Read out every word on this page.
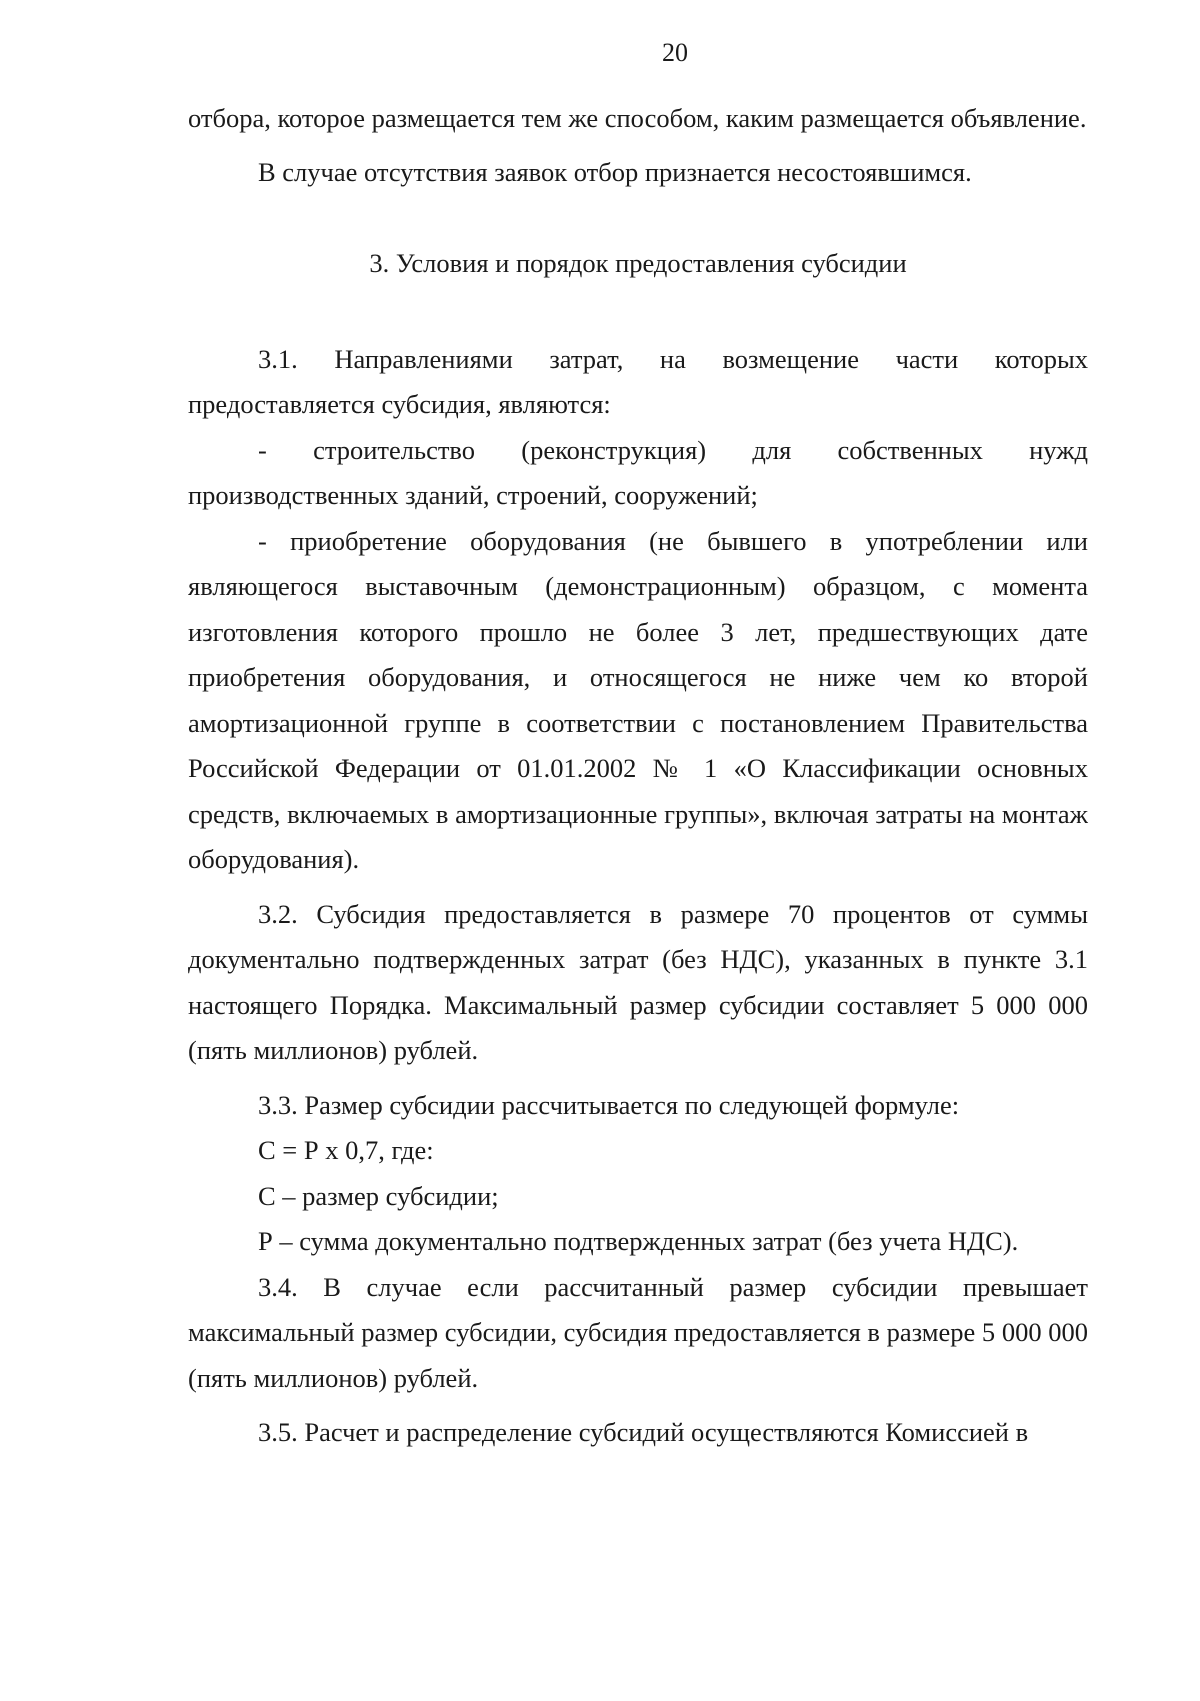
20

отбора, которое размещается тем же способом, каким размещается объявление.

В случае отсутствия заявок отбор признается несостоявшимся.

3. Условия и порядок предоставления субсидии

3.1. Направлениями затрат, на возмещение части которых предоставляется субсидия, являются:

- строительство (реконструкция) для собственных нужд производственных зданий, строений, сооружений;

- приобретение оборудования (не бывшего в употреблении или являющегося выставочным (демонстрационным) образцом, с момента изготовления которого прошло не более 3 лет, предшествующих дате приобретения оборудования, и относящегося не ниже чем ко второй амортизационной группе в соответствии с постановлением Правительства Российской Федерации от 01.01.2002 № 1 «О Классификации основных средств, включаемых в амортизационные группы», включая затраты на монтаж оборудования).

3.2. Субсидия предоставляется в размере 70 процентов от суммы документально подтвержденных затрат (без НДС), указанных в пункте 3.1 настоящего Порядка. Максимальный размер субсидии составляет 5 000 000 (пять миллионов) рублей.

3.3. Размер субсидии рассчитывается по следующей формуле:

С = Р х 0,7, где:

С – размер субсидии;

Р – сумма документально подтвержденных затрат (без учета НДС).

3.4. В случае если рассчитанный размер субсидии превышает максимальный размер субсидии, субсидия предоставляется в размере 5 000 000 (пять миллионов) рублей.

3.5. Расчет и распределение субсидий осуществляются Комиссией в
